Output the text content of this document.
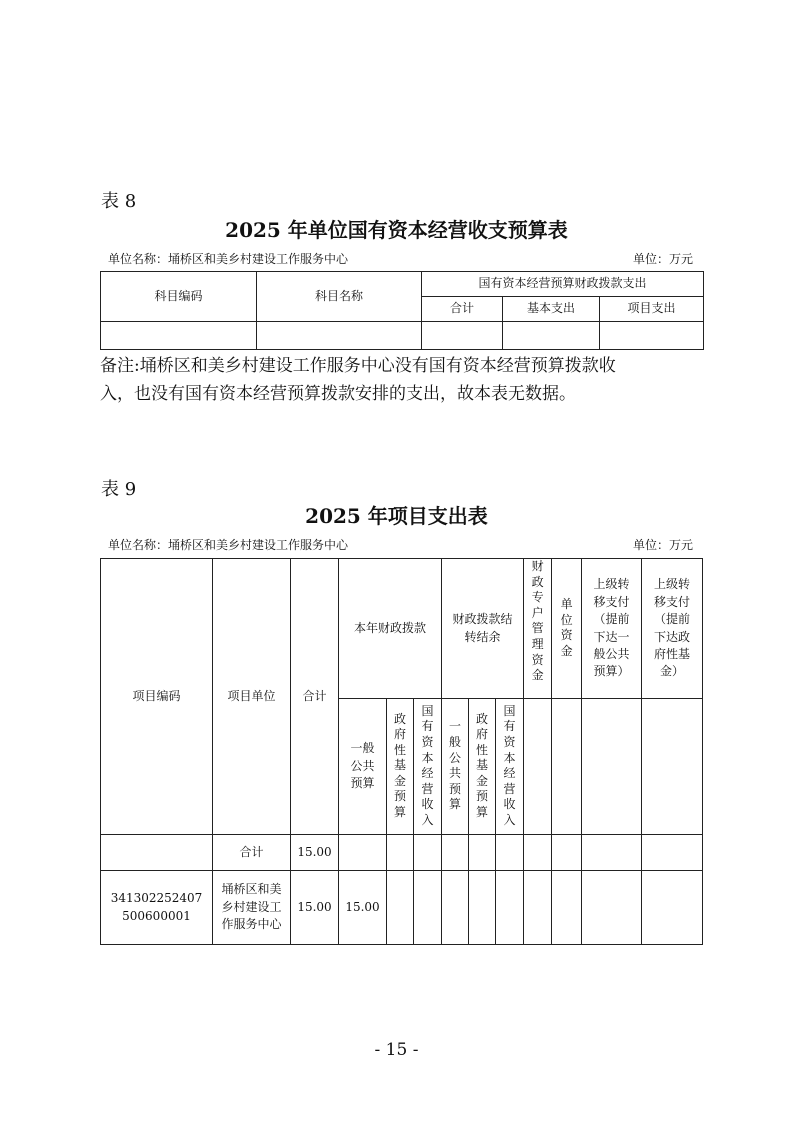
表 8
2025 年单位国有资本经营收支预算表
单位名称：埇桥区和美乡村建设工作服务中心	单位：万元
科目编码	科目名称	国有资本经营预算财政拨款支出		
		合计	基本支出	项目支出

备注:埇桥区和美乡村建设工作服务中心没有国有资本经营预算拨款收
入，也没有国有资本经营预算拨款安排的支出，故本表无数据。
表 9
2025 年项目支出表
单位名称：埇桥区和美乡村建设工作服务中心	单位：万元
项目编码	项目单位	合计	本年财政拨款			财政拨款结转结余			财政专户管理资金	单位资金	上级转移支付（提前下达一般公共预算）	上级转移支付（提前下达政府性基金）
			一般公共预算	政府性基金预算	国有资本经营收入	一般公共预算	政府性基金预算	国有资本经营收入				
	合计	15.00										
341302252407500600001	埇桥区和美乡村建设工作服务中心	15.00	15.00									
- 15 -
